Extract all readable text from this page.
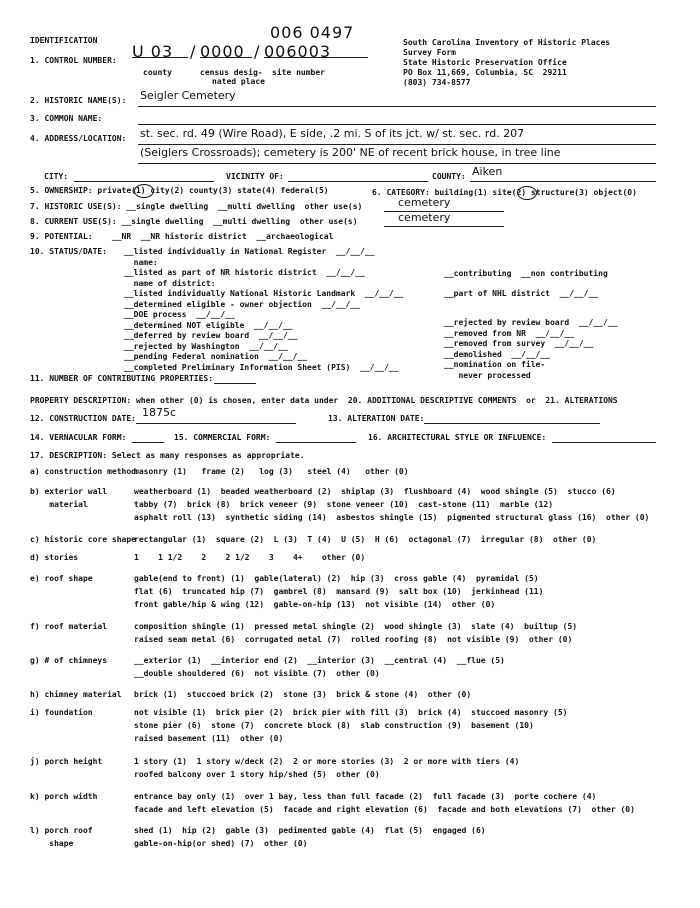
IDENTIFICATION	006 0497
South Carolina Inventory of Historic Places
Survey Form
State Historic Preservation Office
PO Box 11,669, Columbia, SC  29211
(803) 734-8577
1. CONTROL NUMBER: U 03	/ 0000 / 006003
county	census desig-
nated place
site number
2. HISTORIC NAME(S): Seigler Cemetery
3. COMMON NAME:
4. ADDRESS/LOCATION: st. sec. rd. 49 (Wire Road), E side, .2 mi. S of its jct. w/ st. sec. rd. 207
(Seiglers Crossroads); cemetery is 200' NE of recent brick house, in tree line
CITY:	VICINITY OF:	COUNTY: Aiken
5. OWNERSHIP: private(1) city(2) county(3) state(4) federal(5)	6. CATEGORY: building(1) site(2) structure(3) object(0)
7. HISTORIC USE(S): __single dwelling  __multi dwelling  other use(s)	cemetery
8. CURRENT USE(S): __single dwelling  __multi dwelling  other use(s)	cemetery
9. POTENTIAL:    __NR  __NR historic district  __archaeological
10. STATUS/DATE: __listed individually in National Register  __/__/__
name:
__listed as part of NR historic district  __/__/__
name of district:
__listed individually National Historic Landmark  __/__/__
__determined eligible - owner objection  __/__/__
__DOE process  __/__/__
__determined NOT eligible  __/__/__
__deferred by review board  __/__/__
__rejected by Washington  __/__/__
__pending Federal nomination  __/__/__
__completed Preliminary Information Sheet (PIS)  __/__/__
__contributing  __non contributing
__part of NHL district  __/__/__
__rejected by review board  __/__/__
__removed from NR  __/__/__
__removed from survey  __/__/__
__demolished  __/__/__
__nomination on file-
never processed
11. NUMBER OF CONTRIBUTING PROPERTIES:
PROPERTY DESCRIPTION: when other (0) is chosen, enter data under  20. ADDITIONAL DESCRIPTIVE COMMENTS  or  21. ALTERATIONS
12. CONSTRUCTION DATE: 1875c	13. ALTERATION DATE:
14. VERNACULAR FORM:	15. COMMERCIAL FORM:	16. ARCHITECTURAL STYLE OR INFLUENCE:
17. DESCRIPTION: Select as many responses as appropriate.
a) construction method
masonry (1)   frame (2)   log (3)   steel (4)   other (0)
b) exterior wall
material
weatherboard (1)  beaded weatherboard (2)  shiplap (3)  flushboard (4)  wood shingle (5)  stucco (6)
tabby (7)  brick (8)  brick veneer (9)  stone veneer (10)  cast-stone (11)  marble (12)
asphalt roll (13)  synthetic siding (14)  asbestos shingle (15)  pigmented structural glass (16)  other (0)
c) historic core shape
rectangular (1)  square (2)  L (3)  T (4)  U (5)  H (6)  octagonal (7)  irregular (8)  other (0)
d) stories	1    1 1/2    2    2 1/2    3    4+    other (0)
e) roof shape	gable(end to front) (1)  gable(lateral) (2)  hip (3)  cross gable (4)  pyramidal (5)
flat (6)  truncated hip (7)  gambrel (8)  mansard (9)  salt box (10)  jerkinhead (11)
front gable/hip & wing (12)  gable-on-hip (13)  not visible (14)  other (0)
f) roof material	composition shingle (1)  pressed metal shingle (2)  wood shingle (3)  slate (4)  builtup (5)
raised seam metal (6)  corrugated metal (7)  rolled roofing (8)  not visible (9)  other (0)
g) # of chimneys	__exterior (1)  __interior end (2)  __interior (3)  __central (4)  __flue (5)
__double shouldered (6)  not visible (7)  other (0)
h) chimney material brick (1)  stuccoed brick (2)  stone (3)  brick & stone (4)  other (0)
i) foundation	not visible (1)  brick pier (2)  brick pier with fill (3)  brick (4)  stuccoed masonry (5)
stone pier (6)  stone (7)  concrete block (8)  slab construction (9)  basement (10)
raised basement (11)  other (0)
j) porch height	1 story (1)  1 story w/deck (2)  2 or more stories (3)  2 or more with tiers (4)
roofed balcony over 1 story hip/shed (5)  other (0)
k) porch width	entrance bay only (1)  over 1 bay, less than full facade (2)  full facade (3)  porte cochere (4)
facade and left elevation (5)  facade and right elevation (6)  facade and both elevations (7)  other (0)
l) porch roof
shape
shed (1)  hip (2)  gable (3)  pedimented gable (4)  flat (5)  engaged (6)
gable-on-hip(or shed) (7)  other (0)
